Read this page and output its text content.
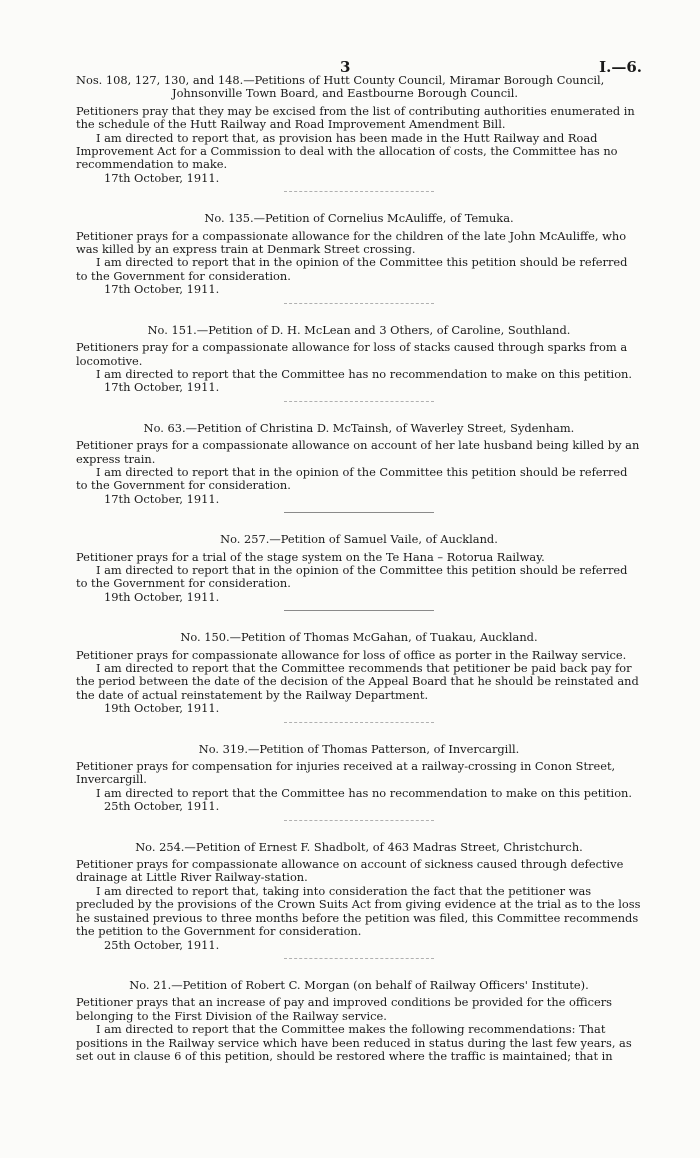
3	I.—6.

Nos. 108, 127, 130, and 148.—Petitions of Hutt County Council, Miramar Borough Council,

Johnsonville Town Board, and Eastbourne Borough Council.

Petitioners pray that they may be excised from the list of contributing authorities enumerated in the schedule of the Hutt Railway and Road Improvement Amendment Bill.

I am directed to report that, as provision has been made in the Hutt Railway and Road Improvement Act for a Commission to deal with the allocation of costs, the Committee has no recommendation to make.

17th October, 1911.

No. 135.—Petition of Cornelius McAuliffe, of Temuka.

Petitioner prays for a compassionate allowance for the children of the late John McAuliffe, who was killed by an express train at Denmark Street crossing.

I am directed to report that in the opinion of the Committee this petition should be referred to the Government for consideration.

17th October, 1911.

No. 151.—Petition of D. H. McLean and 3 Others, of Caroline, Southland.

Petitioners pray for a compassionate allowance for loss of stacks caused through sparks from a locomotive.

I am directed to report that the Committee has no recommendation to make on this petition.

17th October, 1911.

No. 63.—Petition of Christina D. McTainsh, of Waverley Street, Sydenham.

Petitioner prays for a compassionate allowance on account of her late husband being killed by an express train.

I am directed to report that in the opinion of the Committee this petition should be referred to the Government for consideration.

17th October, 1911.

No. 257.—Petition of Samuel Vaile, of Auckland.

Petitioner prays for a trial of the stage system on the Te Hana – Rotorua Railway.

I am directed to report that in the opinion of the Committee this petition should be referred to the Government for consideration.

19th October, 1911.

No. 150.—Petition of Thomas McGahan, of Tuakau, Auckland.

Petitioner prays for compassionate allowance for loss of office as porter in the Railway service.

I am directed to report that the Committee recommends that petitioner be paid back pay for the period between the date of the decision of the Appeal Board that he should be reinstated and the date of actual reinstatement by the Railway Department.

19th October, 1911.

No. 319.—Petition of Thomas Patterson, of Invercargill.

Petitioner prays for compensation for injuries received at a railway-crossing in Conon Street, Invercargill.

I am directed to report that the Committee has no recommendation to make on this petition.

25th October, 1911.

No. 254.—Petition of Ernest F. Shadbolt, of 463 Madras Street, Christchurch.

Petitioner prays for compassionate allowance on account of sickness caused through defective drainage at Little River Railway-station.

I am directed to report that, taking into consideration the fact that the petitioner was precluded by the provisions of the Crown Suits Act from giving evidence at the trial as to the loss he sustained previous to three months before the petition was filed, this Committee recommends the petition to the Government for consideration.

25th October, 1911.

No. 21.—Petition of Robert C. Morgan (on behalf of Railway Officers' Institute).

Petitioner prays that an increase of pay and improved conditions be provided for the officers belonging to the First Division of the Railway service.

I am directed to report that the Committee makes the following recommendations: That positions in the Railway service which have been reduced in status during the last few years, as set out in clause 6 of this petition, should be restored where the traffic is maintained; that in
